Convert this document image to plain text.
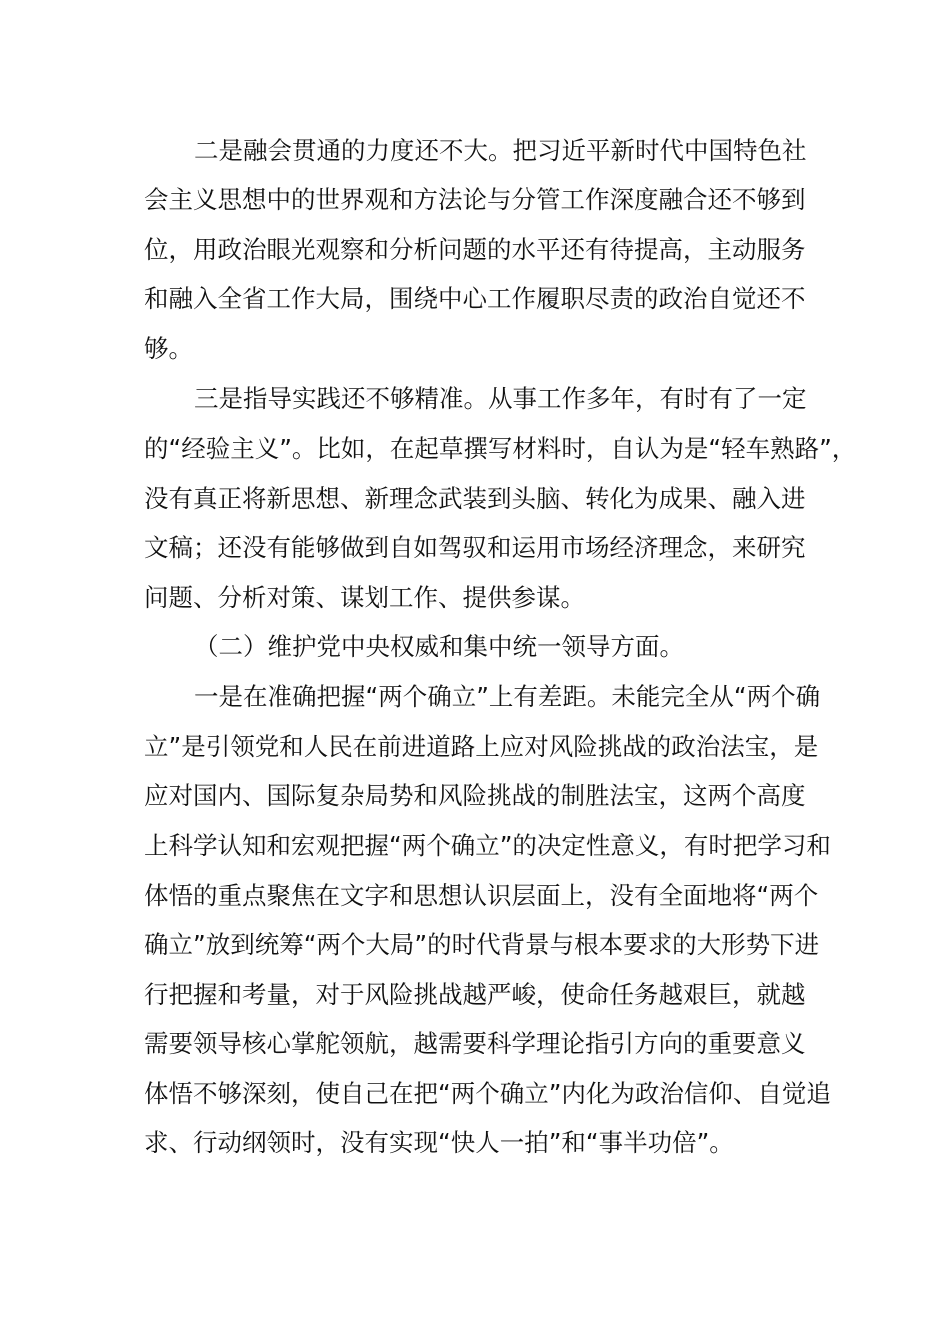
二是融会贯通的力度还不大。把习近平新时代中国特色社
会主义思想中的世界观和方法论与分管工作深度融合还不够到
位，用政治眼光观察和分析问题的水平还有待提高，主动服务
和融入全省工作大局，围绕中心工作履职尽责的政治自觉还不
够。
三是指导实践还不够精准。从事工作多年，有时有了一定
的“经验主义”。比如，在起草撰写材料时，自认为是“轻车熟路”，
没有真正将新思想、新理念武装到头脑、转化为成果、融入进
文稿；还没有能够做到自如驾驭和运用市场经济理念，来研究
问题、分析对策、谋划工作、提供参谋。
（二）维护党中央权威和集中统一领导方面。
一是在准确把握“两个确立”上有差距。未能完全从“两个确
立”是引领党和人民在前进道路上应对风险挑战的政治法宝，是
应对国内、国际复杂局势和风险挑战的制胜法宝，这两个高度
上科学认知和宏观把握“两个确立”的决定性意义，有时把学习和
体悟的重点聚焦在文字和思想认识层面上，没有全面地将“两个
确立”放到统筹“两个大局”的时代背景与根本要求的大形势下进
行把握和考量，对于风险挑战越严峻，使命任务越艰巨，就越
需要领导核心掌舵领航，越需要科学理论指引方向的重要意义
体悟不够深刻，使自己在把“两个确立”内化为政治信仰、自觉追
求、行动纲领时，没有实现“快人一拍”和“事半功倍”。
